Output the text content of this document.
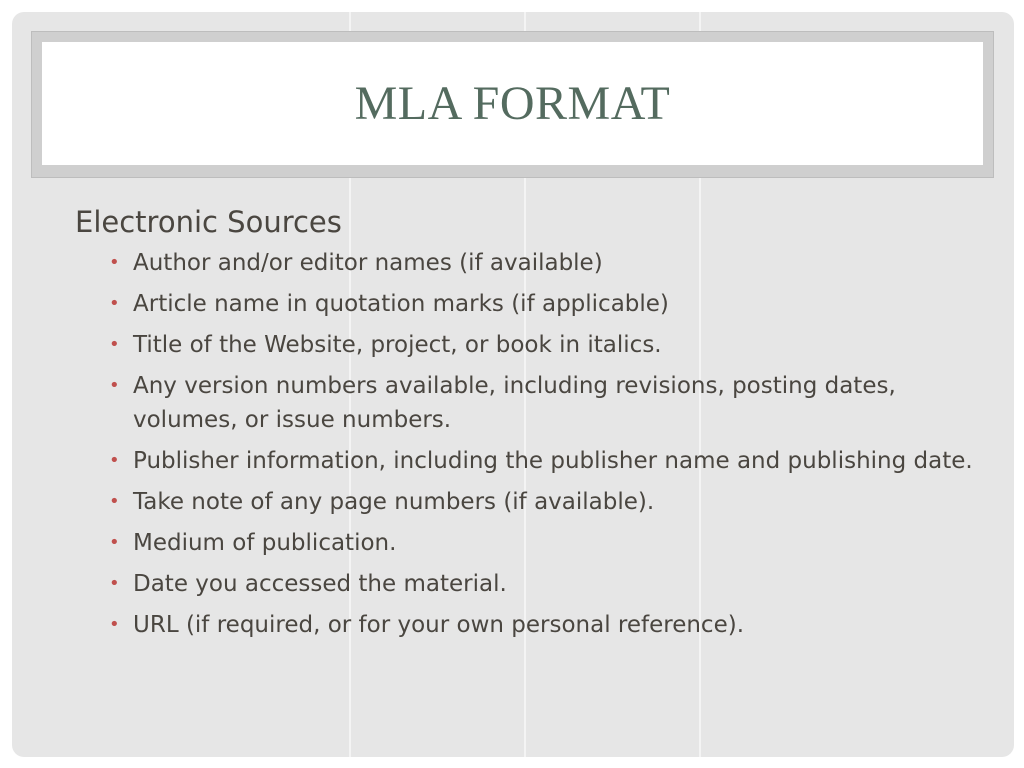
MLA FORMAT
Electronic Sources
• Author and/or editor names (if available)
• Article name in quotation marks (if applicable)
• Title of the Website, project, or book in italics.
• Any version numbers available, including revisions, posting dates, volumes, or issue numbers.
• Publisher information, including the publisher name and publishing date.
• Take note of any page numbers (if available).
• Medium of publication.
• Date you accessed the material.
• URL (if required, or for your own personal reference).
